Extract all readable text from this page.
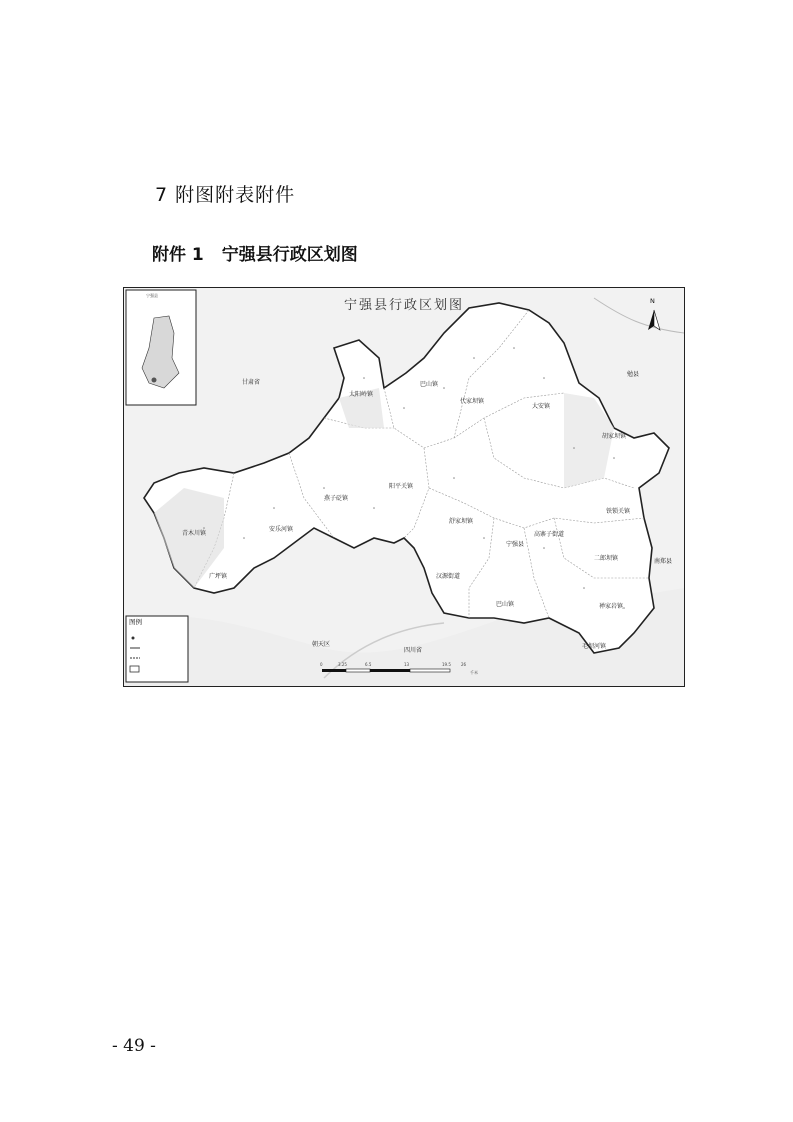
7 附图附表附件
附件 1 宁强县行政区划图
宁强县
N
图例
甘肃省
勉县
南郑县
朝天区
四川省
巴山镇
大安镇
太阳岭镇
代家坝镇
阳平关镇
燕子砭镇
舒家坝镇
胡家坝镇
铁锁关镇
安乐河镇
青木川镇
广坪镇
毛坝河镇
二郎坝镇
宁强县
汉源街道
高寨子街道
禅家岩镇
巴山镇
0	3.25	6.5	13	19.5	26
千米
宁强县行政区划图
- 49 -
